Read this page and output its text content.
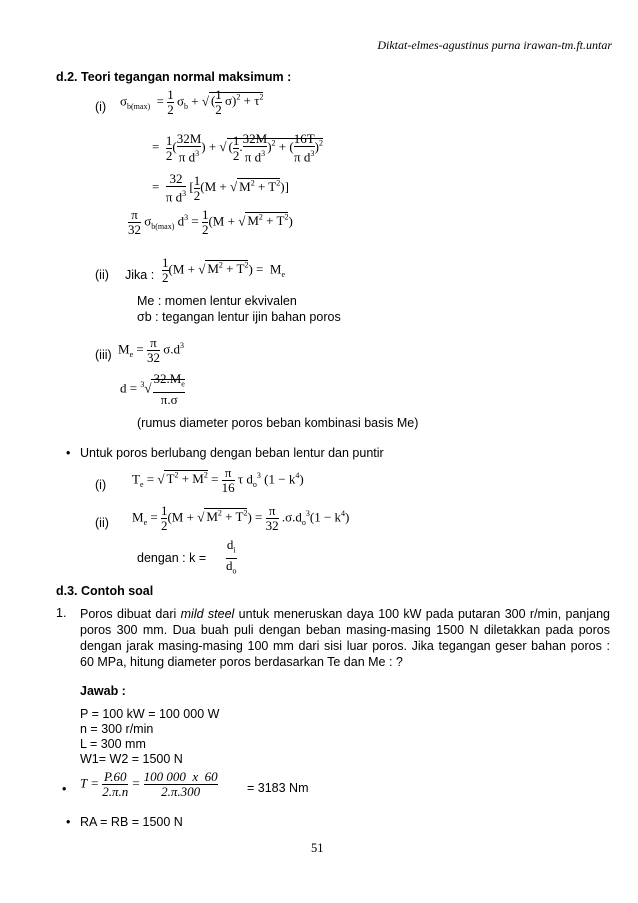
Diktat-elmes-agustinus purna irawan-tm.ft.untar
d.2. Teori tegangan normal maksimum :
(i) $\sigma_{b(max)} = \frac{1}{2} \sigma_b$ + √ ( $\frac{1}{2} \sigma)^2 + \tau^2$
= $\frac{1}{2}$ ( $\frac{32M}{\pi d^3}$ ) + √ ( $\frac{1}{2}$ . $\frac{32M}{\pi d^3} )^2$ + ( $\frac{16T}{\pi d^3} )^2$
= $\frac{32}{\pi d^3}$ [ $\frac{1}{2} (M$ + √ $M^2 + T^2$)]
$\frac{\pi}{32} \sigma_{b(max)}$ $d^3 = \frac{1}{2} (M$ + √ $M^2 + T^2$)
(ii) Jika : $\frac{1}{2} (M$ + √ $M^2 + T^2) = M_e$
Me : momen lentur ekvivalen
σb : tegangan lentur ijin bahan poros
(iii) $M_e = \frac{\pi}{32} \sigma.d^3$
$d = ^3√ \frac{32.M_e}{\pi.\sigma}$
(rumus diameter poros beban kombinasi basis Me)
•
Untuk poros berlubang dengan beban lentur dan puntir
(i) $T_e$ = √ $T^2 + M^2 = \frac{\pi}{16}$ τ $d_o^3$ $(1 - k^4)$
(ii) $M_e = \frac{1}{2} (M$ + √ $M^2 + T^2) = \frac{\pi}{32} .\sigma.d_o^3(1 - k^4)$
dengan : $k = \frac{d_i}{d_o}$
d.3. Contoh soal
1. Poros dibuat dari mild steel untuk meneruskan daya 100 kW pada putaran 300 r/min, panjang poros 300 mm. Dua buah puli dengan beban masing-masing 1500 N diletakkan pada poros dengan jarak masing-masing 100 mm dari sisi luar poros. Jika tegangan geser bahan poros : 60 MPa, hitung diameter poros berdasarkan Te dan Me : ?
Jawab :
P = 100 kW = 100 000 W
n = 300 r/min
L = 300 mm
W1= W2 = 1500 N
•
$T = \frac{P.60}{2.\pi.n} = \frac{100 000 x 60}{2.\pi.300} = 3183$ Nm
•
RA = RB = 1500 N
51
